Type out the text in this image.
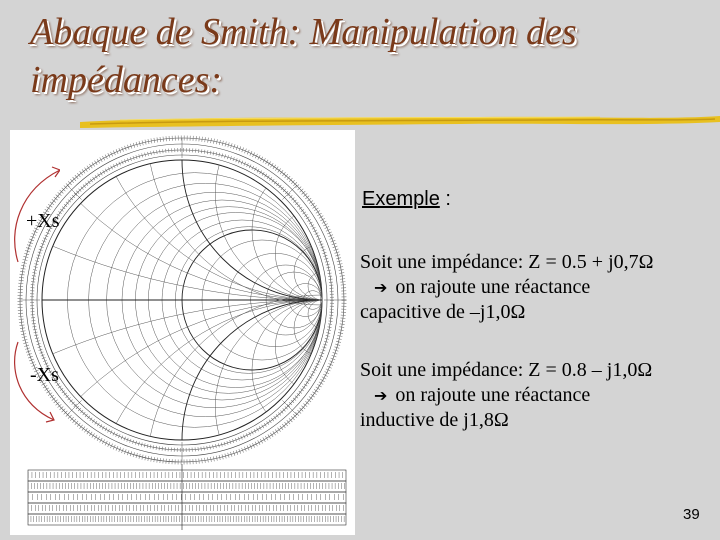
Abaque de Smith: Manipulation des
impédances:
+Xs
-Xs
Exemple :
Soit une impédance: Z = 0.5 + j0,7Ω
➔ on rajoute une réactance
capacitive de –j1,0Ω
Soit une impédance: Z = 0.8 – j1,0Ω
➔ on rajoute une réactance
inductive de j1,8Ω
39
